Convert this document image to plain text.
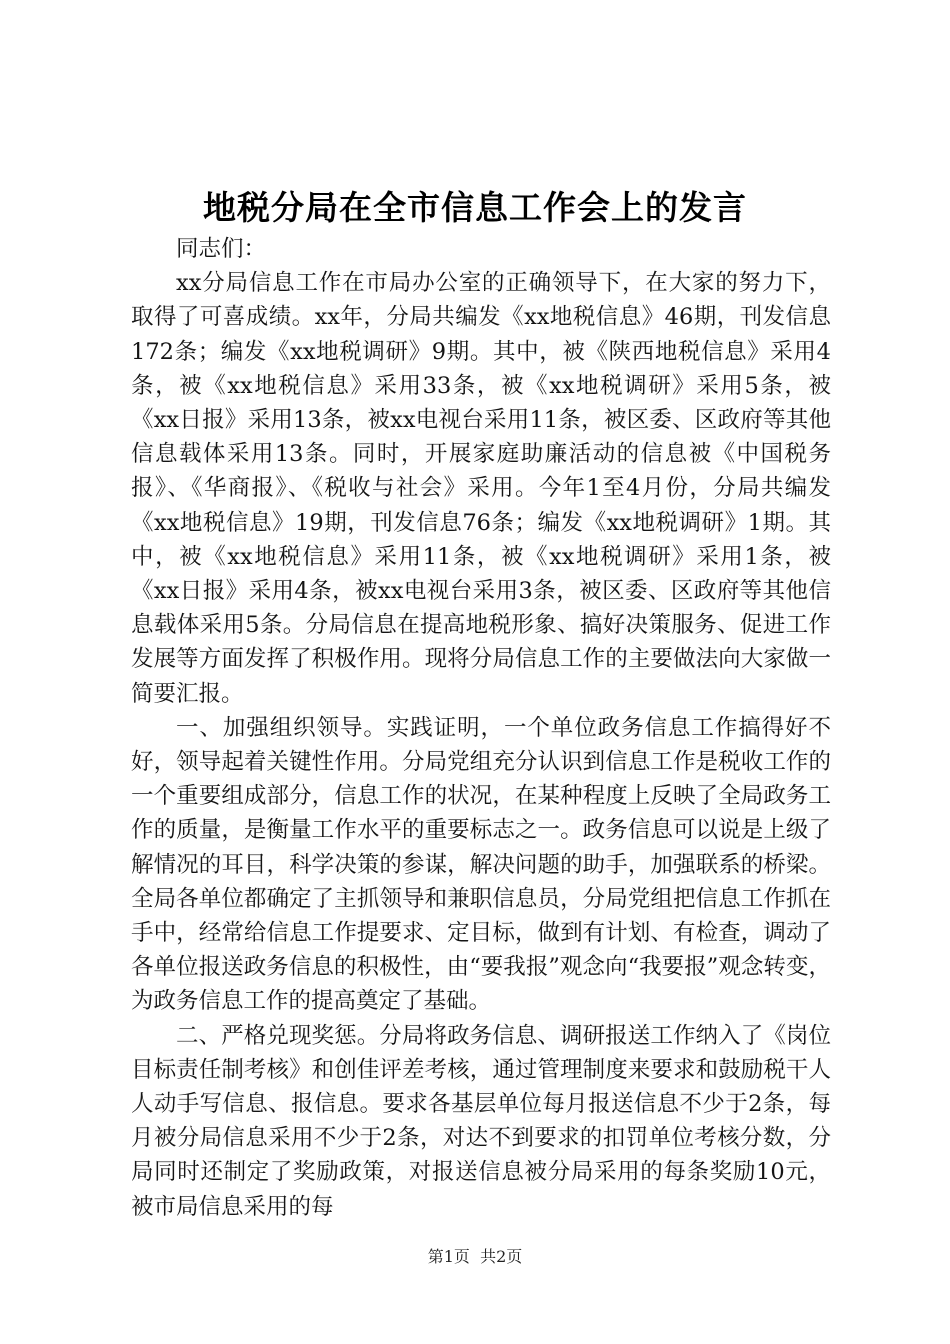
地税分局在全市信息工作会上的发言

同志们：

xx分局信息工作在市局办公室的正确领导下，在大家的努力下，取得了可喜成绩。xx年，分局共编发《xx地税信息》46期，刊发信息172条；编发《xx地税调研》9期。其中，被《陕西地税信息》采用4条，被《xx地税信息》采用33条，被《xx地税调研》采用5条，被《xx日报》采用13条，被xx电视台采用11条，被区委、区政府等其他信息载体采用13条。同时，开展家庭助廉活动的信息被《中国税务报》、《华商报》、《税收与社会》采用。今年1至4月份，分局共编发《xx地税信息》19期，刊发信息76条；编发《xx地税调研》1期。其中，被《xx地税信息》采用11条，被《xx地税调研》采用1条，被《xx日报》采用4条，被xx电视台采用3条，被区委、区政府等其他信息载体采用5条。分局信息在提高地税形象、搞好决策服务、促进工作发展等方面发挥了积极作用。现将分局信息工作的主要做法向大家做一简要汇报。

一、加强组织领导。实践证明，一个单位政务信息工作搞得好不好，领导起着关键性作用。分局党组充分认识到信息工作是税收工作的一个重要组成部分，信息工作的状况，在某种程度上反映了全局政务工作的质量，是衡量工作水平的重要标志之一。政务信息可以说是上级了解情况的耳目，科学决策的参谋，解决问题的助手，加强联系的桥梁。全局各单位都确定了主抓领导和兼职信息员，分局党组把信息工作抓在手中，经常给信息工作提要求、定目标，做到有计划、有检查，调动了各单位报送政务信息的积极性，由“要我报”观念向“我要报”观念转变，为政务信息工作的提高奠定了基础。

二、严格兑现奖惩。分局将政务信息、调研报送工作纳入了《岗位目标责任制考核》和创佳评差考核，通过管理制度来要求和鼓励税干人人动手写信息、报信息。要求各基层单位每月报送信息不少于2条，每月被分局信息采用不少于2条，对达不到要求的扣罚单位考核分数，分局同时还制定了奖励政策，对报送信息被分局采用的每条奖励10元，被市局信息采用的每

第1页  共2页
